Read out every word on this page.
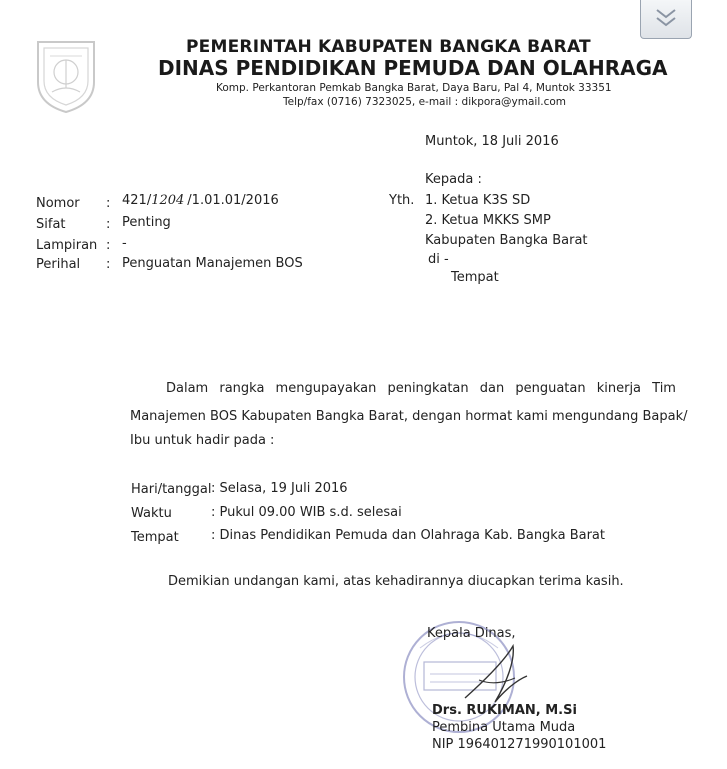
PEMERINTAH KABUPATEN BANGKA BARAT
DINAS PENDIDIKAN PEMUDA DAN OLAHRAGA
Komp. Perkantoran Pemkab Bangka Barat, Daya Baru, Pal 4, Muntok 33351
Telp/fax (0716) 7323025, e-mail : dikpora@ymail.com
Muntok, 18 Juli 2016
Nomor : 421/1204 /1.01.01/2016
Sifat	: Penting
Lampiran : -
Perihal : Penguatan Manajemen BOS
Kepada :
Yth. 1. Ketua K3S SD
2. Ketua MKKS SMP
Kabupaten Bangka Barat
di -
Tempat
Dalam rangka mengupayakan peningkatan dan penguatan kinerja Tim
Manajemen BOS Kabupaten Bangka Barat, dengan hormat kami mengundang Bapak/
Ibu untuk hadir pada :
Hari/tanggal : Selasa, 19 Juli 2016
Waktu	: Pukul 09.00 WIB s.d. selesai
Tempat : Dinas Pendidikan Pemuda dan Olahraga Kab. Bangka Barat
Demikian undangan kami, atas kehadirannya diucapkan terima kasih.
Kepala Dinas,
Drs. RUKIMAN, M.Si
Pembina Utama Muda
NIP 196401271990101001
